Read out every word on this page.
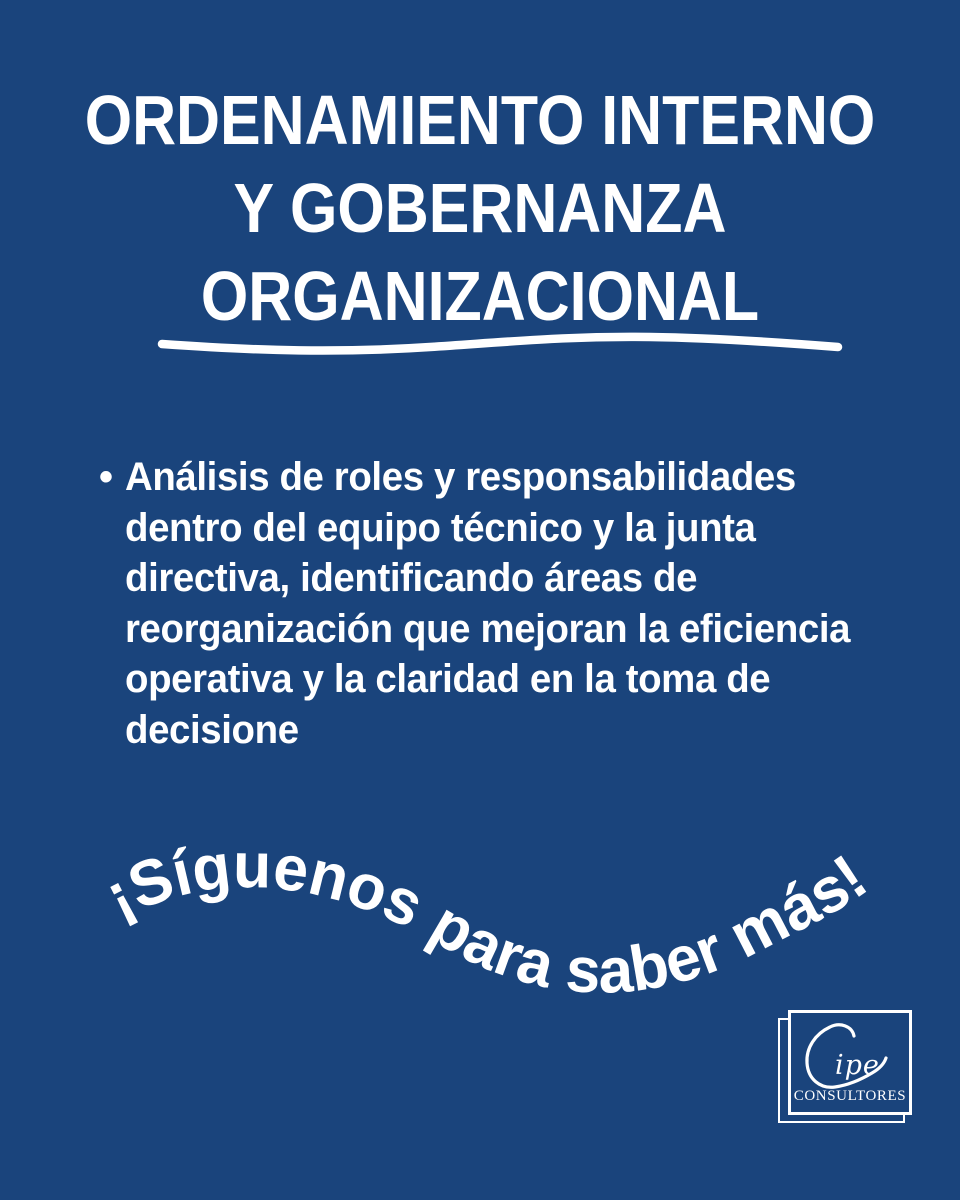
ORDENAMIENTO INTERNO
Y GOBERNANZA
ORGANIZACIONAL
• Análisis de roles y responsabilidades
dentro del equipo técnico y la junta
directiva, identificando áreas de
reorganización que mejoran la eficiencia
operativa y la claridad en la toma de
decisione
¡Síguenos para saber más!
ipe
CONSULTORES
